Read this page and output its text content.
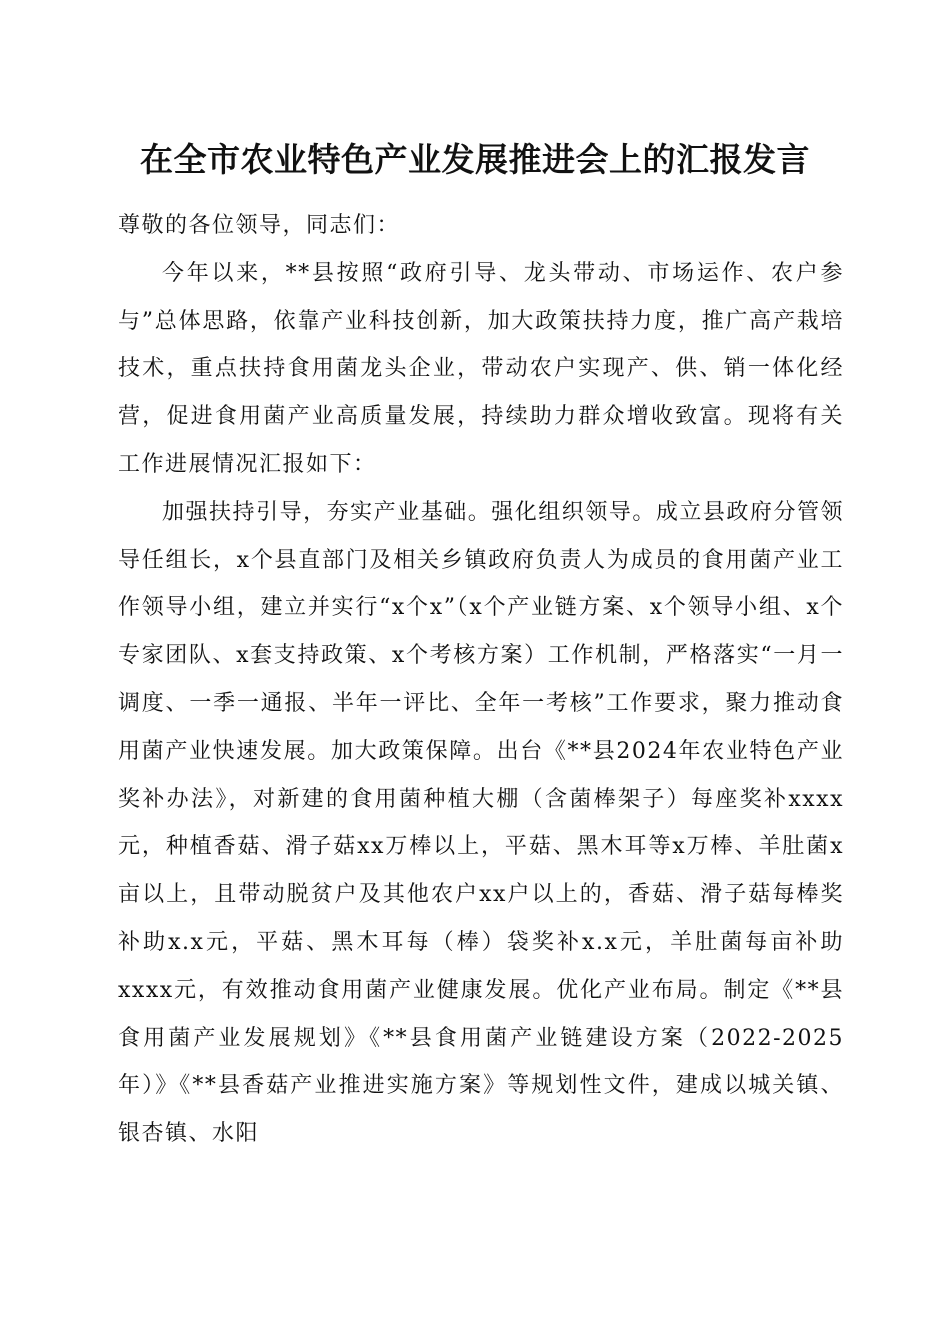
在全市农业特色产业发展推进会上的汇报发言

尊敬的各位领导，同志们：

今年以来，**县按照“政府引导、龙头带动、市场运作、农户参与”总体思路，依靠产业科技创新，加大政策扶持力度，推广高产栽培技术，重点扶持食用菌龙头企业，带动农户实现产、供、销一体化经营，促进食用菌产业高质量发展，持续助力群众增收致富。现将有关工作进展情况汇报如下：

加强扶持引导，夯实产业基础。强化组织领导。成立县政府分管领导任组长，x个县直部门及相关乡镇政府负责人为成员的食用菌产业工作领导小组，建立并实行“x个x”（x个产业链方案、x个领导小组、x个专家团队、x套支持政策、x个考核方案）工作机制，严格落实“一月一调度、一季一通报、半年一评比、全年一考核”工作要求，聚力推动食用菌产业快速发展。加大政策保障。出台《**县2024年农业特色产业奖补办法》，对新建的食用菌种植大棚（含菌棒架子）每座奖补xxxx元，种植香菇、滑子菇xx万棒以上，平菇、黑木耳等x万棒、羊肚菌x亩以上，且带动脱贫户及其他农户xx户以上的，香菇、滑子菇每棒奖补助x.x元，平菇、黑木耳每（棒）袋奖补x.x元，羊肚菌每亩补助xxxx元，有效推动食用菌产业健康发展。优化产业布局。制定《**县食用菌产业发展规划》《**县食用菌产业链建设方案（2022-2025年）》《**县香菇产业推进实施方案》等规划性文件，建成以城关镇、银杏镇、水阳
